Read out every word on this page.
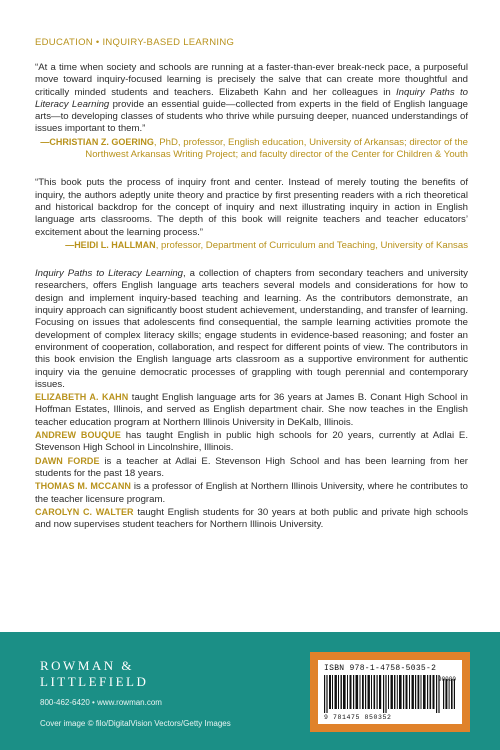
EDUCATION • INQUIRY-BASED LEARNING

“At a time when society and schools are running at a faster-than-ever break-neck pace, a purposeful move toward inquiry-focused learning is precisely the salve that can create more thoughtful and critically minded students and teachers. Elizabeth Kahn and her colleagues in Inquiry Paths to Literacy Learning provide an essential guide—collected from experts in the field of English language arts—to developing classes of students who thrive while pursuing deeper, nuanced understandings of issues important to them.”

—CHRISTIAN Z. GOERING, PhD, professor, English education, University of Arkansas; director of the Northwest Arkansas Writing Project; and faculty director of the Center for Children & Youth

“This book puts the process of inquiry front and center. Instead of merely touting the benefits of inquiry, the authors adeptly unite theory and practice by first presenting readers with a rich theoretical and historical backdrop for the concept of inquiry and next illustrating inquiry in action in English language arts classrooms. The depth of this book will reignite teachers and teacher educators’ excitement about the learning process.”

—HEIDI L. HALLMAN, professor, Department of Curriculum and Teaching, University of Kansas

Inquiry Paths to Literacy Learning, a collection of chapters from secondary teachers and university researchers, offers English language arts teachers several models and considerations for how to design and implement inquiry-based teaching and learning. As the contributors demonstrate, an inquiry approach can significantly boost student achievement, understanding, and transfer of learning. Focusing on issues that adolescents find consequential, the sample learning activities promote the development of complex literacy skills; engage students in evidence-based reasoning; and foster an environment of cooperation, collaboration, and respect for different points of view. The contributors in this book envision the English language arts classroom as a supportive environment for authentic inquiry via the genuine democratic processes of grappling with tough perennial and contemporary issues.

ELIZABETH A. KAHN taught English language arts for 36 years at James B. Conant High School in Hoffman Estates, Illinois, and served as English department chair. She now teaches in the English teacher education program at Northern Illinois University in DeKalb, Illinois.

ANDREW BOUQUE has taught English in public high schools for 20 years, currently at Adlai E. Stevenson High School in Lincolnshire, Illinois.

DAWN FORDE is a teacher at Adlai E. Stevenson High School and has been learning from her students for the past 18 years.

THOMAS M. MCCANN is a professor of English at Northern Illinois University, where he contributes to the teacher licensure program.

CAROLYN C. WALTER taught English students for 30 years at both public and private high schools and now supervises student teachers for Northern Illinois University.

ROWMAN &
LITTLEFIELD
800-462-6420 • www.rowman.com
Cover image © filo/DigitalVision Vectors/Getty Images
ISBN 978-1-4758-5035-2
9 781475 850352
